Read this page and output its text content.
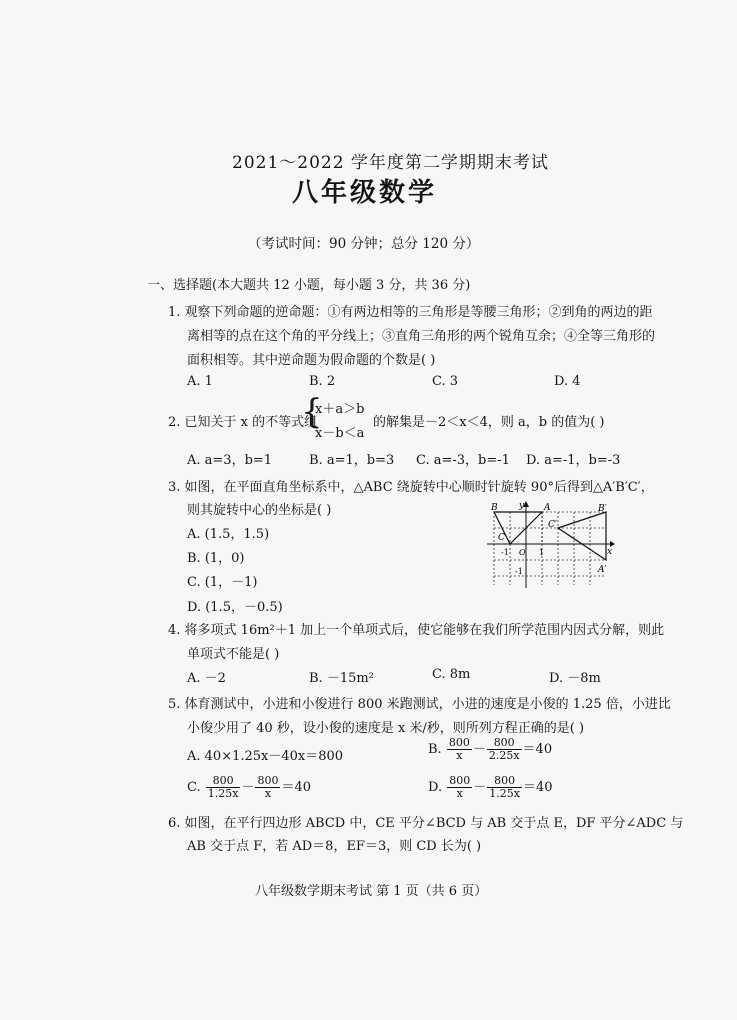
2021～2022 学年度第二学期期末考试
八年级数学
（考试时间：90 分钟；总分 120 分）
一、选择题(本大题共 12 小题，每小题 3 分，共 36 分)
1. 观察下列命题的逆命题：①有两边相等的三角形是等腰三角形；②到角的两边的距
离相等的点在这个角的平分线上；③直角三角形的两个锐角互余；④全等三角形的
面积相等。其中逆命题为假命题的个数是( )
A. 1	B. 2	C. 3	D. 4
2. 已知关于 x 的不等式组
{
x＋a＞b
x－b＜a
的解集是－2＜x＜4，则 a，b 的值为( )
A. a=3，b=1	B. a=1，b=3 C. a=-3，b=-1 D. a=-1，b=-3
3. 如图，在平面直角坐标系中，△ABC 绕旋转中心顺时针旋转 90°后得到△A′B′C′，
则其旋转中心的坐标是( )
A. (1.5，1.5)
B. (1，0)
C. (1，－1)
D. (1.5，－0.5)
B	A
C
C′
B′
A′
y
x
O
-1	1
-1
4. 将多项式 16m²＋1 加上一个单项式后，使它能够在我们所学范围内因式分解，则此
单项式不能是( )
A. －2	B. －15m²	C. 8m	D. －8m
5. 体育测试中，小进和小俊进行 800 米跑测试，小进的速度是小俊的 1.25 倍，小进比
小俊少用了 40 秒，设小俊的速度是 x 米/秒，则所列方程正确的是( )
A. 40×1.25x－40x＝800	B. $\frac{800}{x} - \frac{800}{2.25x} =40$
C. $\frac{800}{1.25x} - \frac{800}{x} =40$	D. $\frac{800}{x} - \frac{800}{1.25x} =40$
6. 如图，在平行四边形 ABCD 中，CE 平分∠BCD 与 AB 交于点 E，DF 平分∠ADC 与
AB 交于点 F，若 AD＝8，EF＝3，则 CD 长为( )
八年级数学期末考试 第 1 页（共 6 页）
